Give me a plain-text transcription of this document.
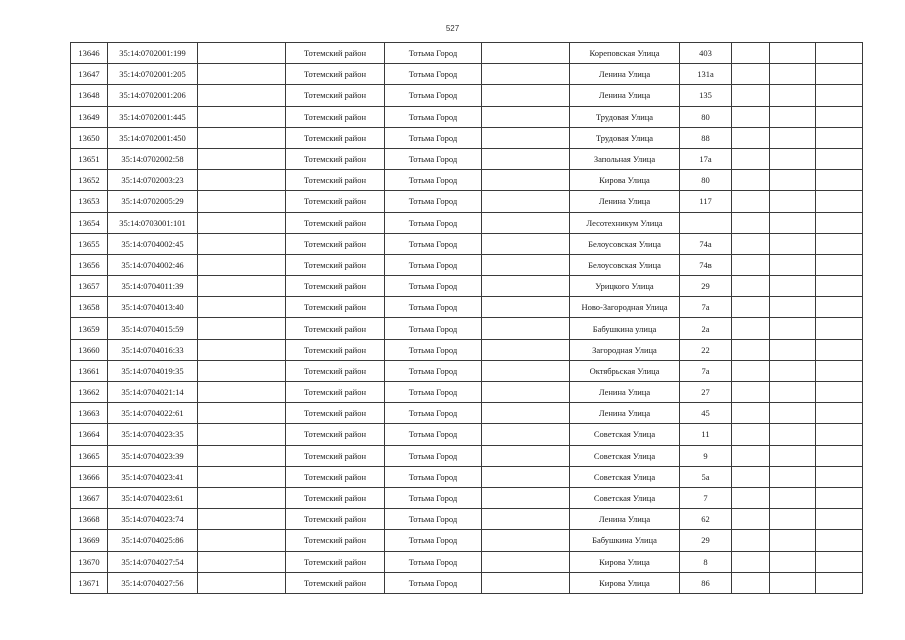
527
13646	35:14:0702001:199		Тотемский район	Тотьма Город		Кореповская Улица	403			
13647	35:14:0702001:205		Тотемский район	Тотьма Город		Ленина Улица	131а			
13648	35:14:0702001:206		Тотемский район	Тотьма Город		Ленина Улица	135			
13649	35:14:0702001:445		Тотемский район	Тотьма Город		Трудовая Улица	80			
13650	35:14:0702001:450		Тотемский район	Тотьма Город		Трудовая Улица	88			
13651	35:14:0702002:58		Тотемский район	Тотьма Город		Запольная Улица	17а			
13652	35:14:0702003:23		Тотемский район	Тотьма Город		Кирова Улица	80			
13653	35:14:0702005:29		Тотемский район	Тотьма Город		Ленина Улица	117			
13654	35:14:0703001:101		Тотемский район	Тотьма Город		Лесотехникум Улица				
13655	35:14:0704002:45		Тотемский район	Тотьма Город		Белоусовская Улица	74а			
13656	35:14:0704002:46		Тотемский район	Тотьма Город		Белоусовская Улица	74в			
13657	35:14:0704011:39		Тотемский район	Тотьма Город		Урицкого Улица	29			
13658	35:14:0704013:40		Тотемский район	Тотьма Город		Ново-Загородная Улица	7а			
13659	35:14:0704015:59		Тотемский район	Тотьма Город		Бабушкина улица	2а			
13660	35:14:0704016:33		Тотемский район	Тотьма Город		Загородная Улица	22			
13661	35:14:0704019:35		Тотемский район	Тотьма Город		Октябрьская Улица	7а			
13662	35:14:0704021:14		Тотемский район	Тотьма Город		Ленина Улица	27			
13663	35:14:0704022:61		Тотемский район	Тотьма Город		Ленина Улица	45			
13664	35:14:0704023:35		Тотемский район	Тотьма Город		Советская Улица	11			
13665	35:14:0704023:39		Тотемский район	Тотьма Город		Советская Улица	9			
13666	35:14:0704023:41		Тотемский район	Тотьма Город		Советская Улица	5а			
13667	35:14:0704023:61		Тотемский район	Тотьма Город		Советская Улица	7			
13668	35:14:0704023:74		Тотемский район	Тотьма Город		Ленина Улица	62			
13669	35:14:0704025:86		Тотемский район	Тотьма Город		Бабушкина Улица	29			
13670	35:14:0704027:54		Тотемский район	Тотьма Город		Кирова Улица	8			
13671	35:14:0704027:56		Тотемский район	Тотьма Город		Кирова Улица	86			
